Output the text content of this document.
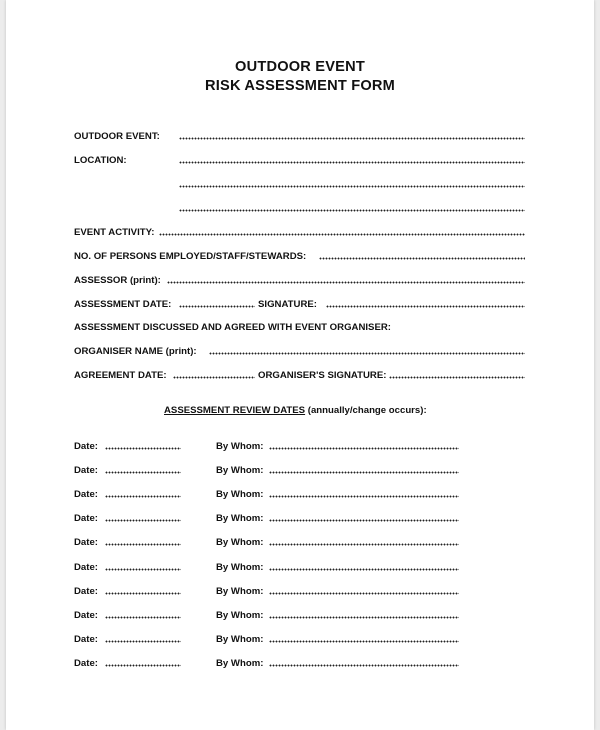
OUTDOOR EVENT
RISK ASSESSMENT FORM
OUTDOOR EVENT:
LOCATION:
EVENT ACTIVITY:
NO. OF PERSONS EMPLOYED/STAFF/STEWARDS:
ASSESSOR (print):
ASSESSMENT DATE:	SIGNATURE:
ASSESSMENT DISCUSSED AND AGREED WITH EVENT ORGANISER:
ORGANISER NAME (print):
AGREEMENT DATE:	ORGANISER'S SIGNATURE:
ASSESSMENT REVIEW DATES (annually/change occurs):
Date:	By Whom:
Date:	By Whom:
Date:	By Whom:
Date:	By Whom:
Date:	By Whom:
Date:	By Whom:
Date:	By Whom:
Date:	By Whom:
Date:	By Whom:
Date:	By Whom:
